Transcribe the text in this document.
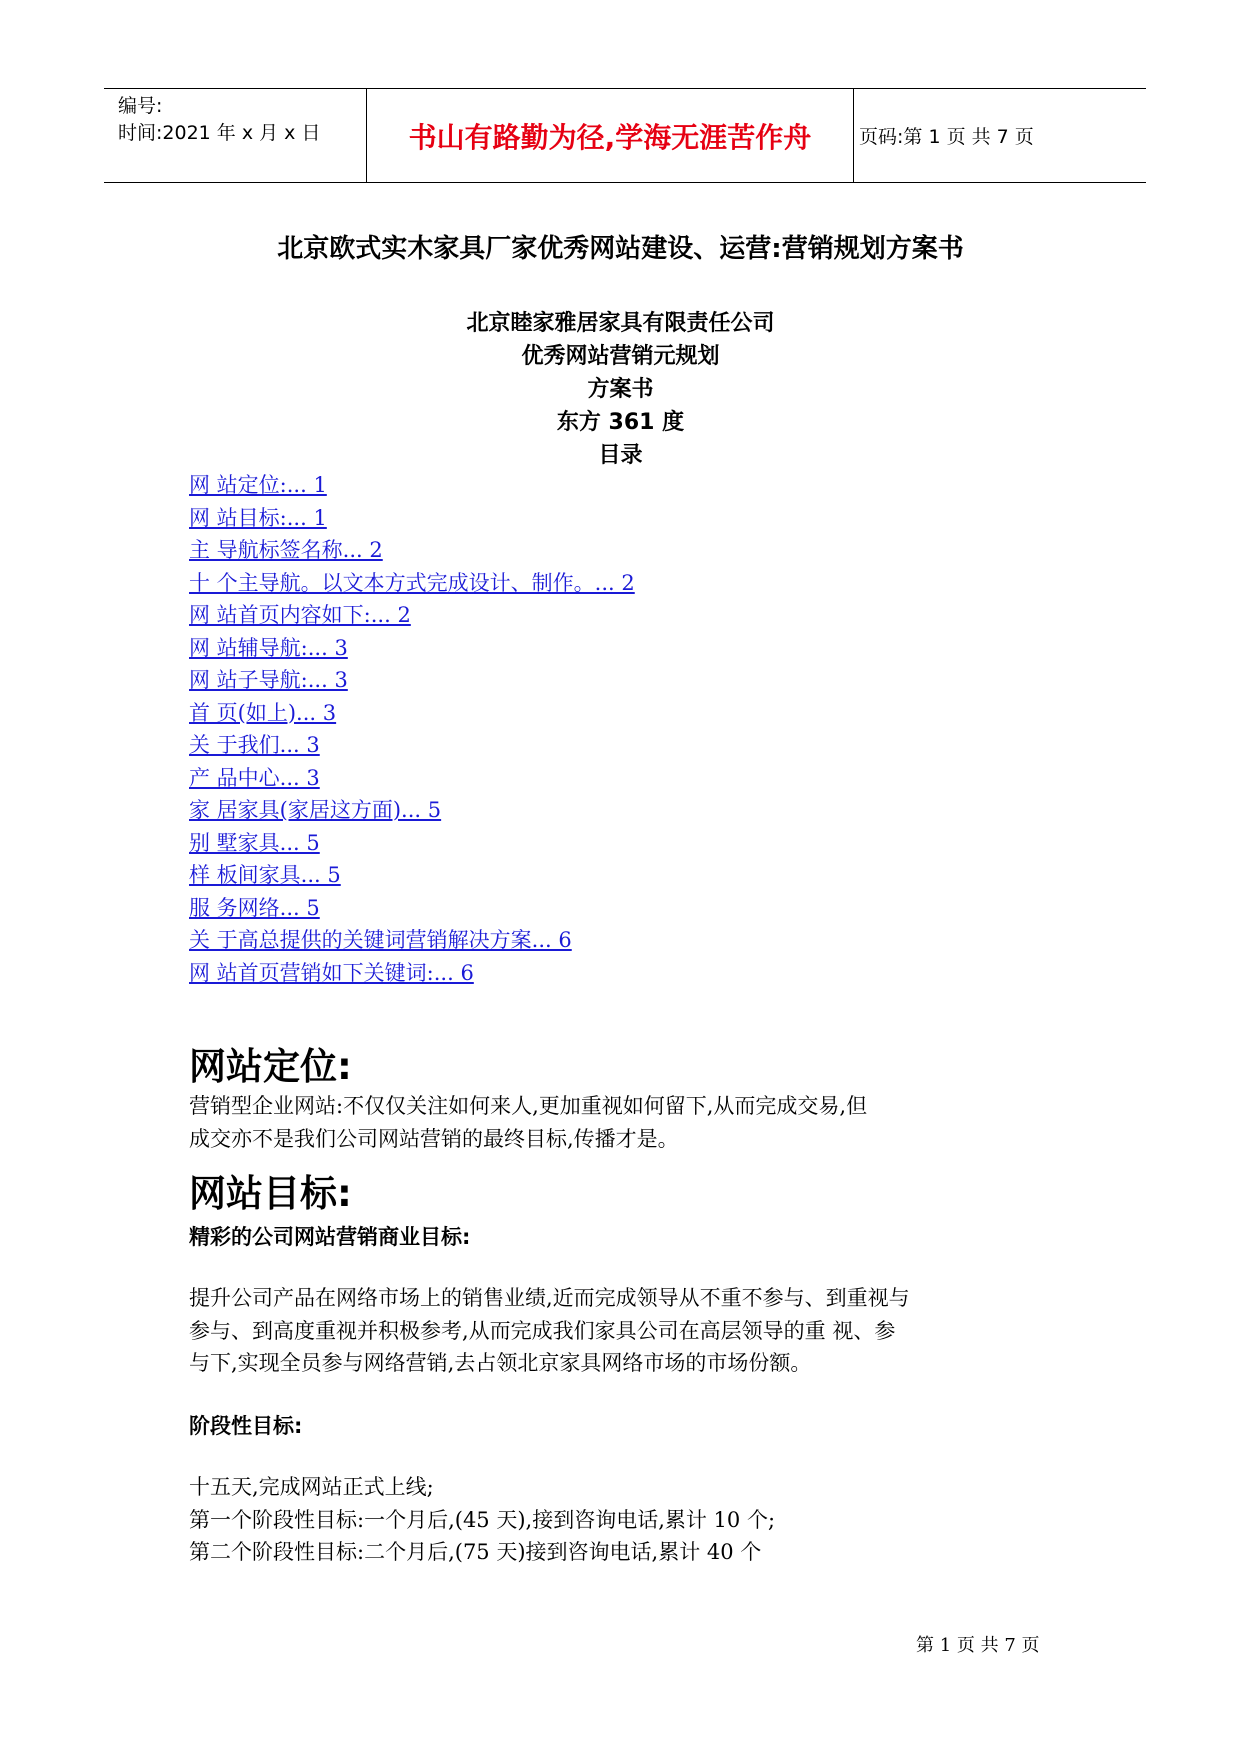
编号:
时间:2021 年 x 月 x 日	书山有路勤为径,学海无涯苦作舟	页码:第 1 页 共 7 页
北京欧式实木家具厂家优秀网站建设、运营:营销规划方案书
北京睦家雅居家具有限责任公司
优秀网站营销元规划
方案书
东方 361 度
目录
网 站定位:... 1
网 站目标:... 1
主 导航标签名称... 2
十 个主导航。以文本方式完成设计、制作。... 2
网 站首页内容如下:... 2
网 站辅导航:... 3
网 站子导航:... 3
首 页(如上)... 3
关 于我们... 3
产 品中心... 3
家 居家具(家居这方面)... 5
别 墅家具... 5
样 板间家具... 5
服 务网络... 5
关 于高总提供的关键词营销解决方案... 6
网 站首页营销如下关键词:... 6
网站定位:
营销型企业网站:不仅仅关注如何来人,更加重视如何留下,从而完成交易,但
成交亦不是我们公司网站营销的最终目标,传播才是。
网站目标:
精彩的公司网站营销商业目标:
提升公司产品在网络市场上的销售业绩,近而完成领导从不重不参与、到重视与
参与、到高度重视并积极参考,从而完成我们家具公司在高层领导的重 视、参
与下,实现全员参与网络营销,去占领北京家具网络市场的市场份额。
阶段性目标:
十五天,完成网站正式上线;
第一个阶段性目标:一个月后,(45 天),接到咨询电话,累计 10 个;
第二个阶段性目标:二个月后,(75 天)接到咨询电话,累计 40 个
第 1 页 共 7 页
